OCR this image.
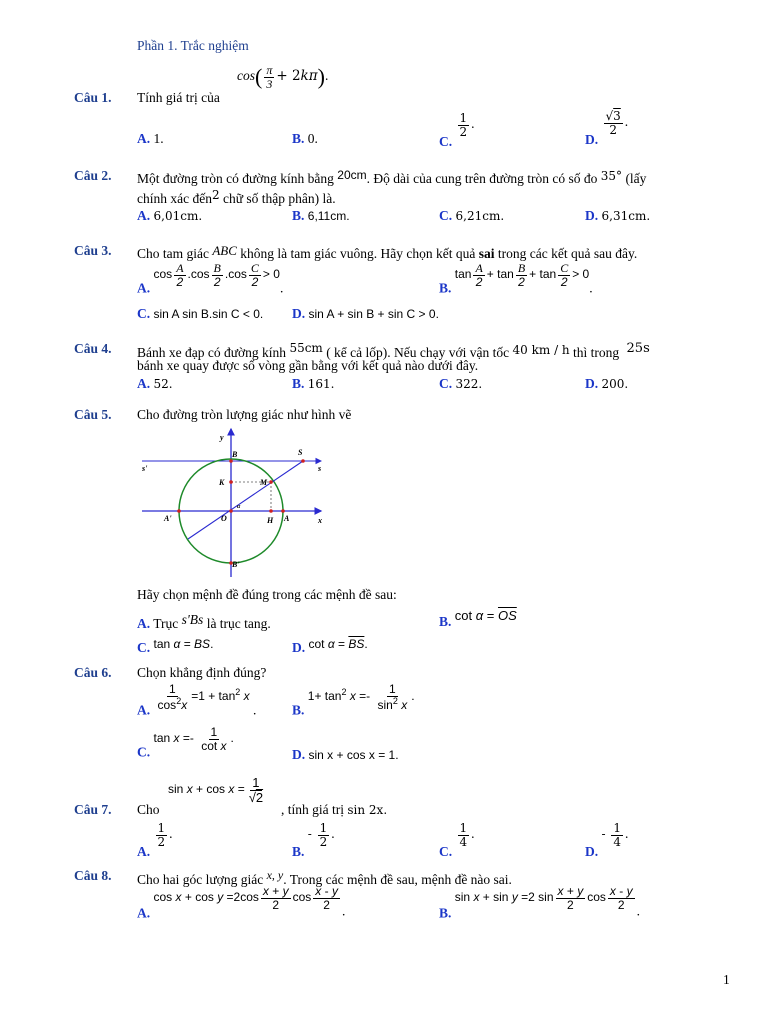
Phần 1. Trắc nghiệm
Câu 1. Tính giá trị của
$\cos( \frac{\pi}{3} + 2k\pi)$.
A. 1.	B. 0.	C.
$\frac{1}{2}$ .
D.
$\frac{√3}{2}$ .
Câu 2. Một đường tròn có đường kính bằng 20cm. Độ dài của cung trên đường tròn có số đo 35° (lấy
chính xác đến2 chữ số thập phân) là.
A. 6,01cm.	B. 6,11cm.	C. 6,21cm.	D. 6,31cm.
Câu 3. Cho tam giác ABC không là tam giác vuông. Hãy chọn kết quả sai trong các kết quả sau đây.
A. $\cos \frac{A}{2} .\cos \frac{B}{2} .\cos \frac{C}{2} > 0$.	B. $\tan \frac{A}{2} + \tan \frac{B}{2} + \tan \frac{C}{2} > 0$.
C. sin A sin B.sin C < 0. D. sin A + sin B + sin C > 0.
Câu 4. Bánh xe đạp có đường kính 55cm ( kể cả lốp). Nếu chạy với vận tốc 40 km / h thì trong 25s
bánh xe quay được số vòng gần bằng với kết quả nào dưới đây.
A. 52.	B. 161.	C. 322.	D. 200.
Câu 5. Cho đường tròn lượng giác như hình vẽ
y
x
s
s'
S
B
B'
K	M
A
A'	O	H
α
Hãy chọn mệnh đề đúng trong các mệnh đề sau:
A. Trục s'Bs là trục tang.	B. $\cot \alpha = \overline{OS}$
C. tan α = BS.	D. $\cot \alpha = \overline{BS}$.
Câu 6. Chọn khẳng định đúng?
A. $\frac{1}{\cos^2x} =1 + \tan^2 x$ .	B. $1+ \tan^2 x =- \frac{1}{\sin^2 x}$ .
C. $\tan x =- \frac{1}{\text{cot x}}$ .
D. sin x + cos x = 1.
Câu 7. Cho
$\sin x + \cos x = \frac{1}{√2}$
, tính giá trị sin 2x.
A.
$\frac{1}{2}$ .
B. - $\frac{1}{2}$ .
C.
$\frac{1}{4}$ .
D. - $\frac{1}{4}$ .
Câu 8. Cho hai góc lượng giác x, y. Trong các mệnh đề sau, mệnh đề nào sai.
A. $\cos x + \cos y =2\cos \frac{x + y}{2}$ $\cos \frac{x - y}{2}$ .	B. sin x + sin y =2 $\sin \frac{x + y}{2}$ $\cos \frac{x - y}{2}$ .
1
